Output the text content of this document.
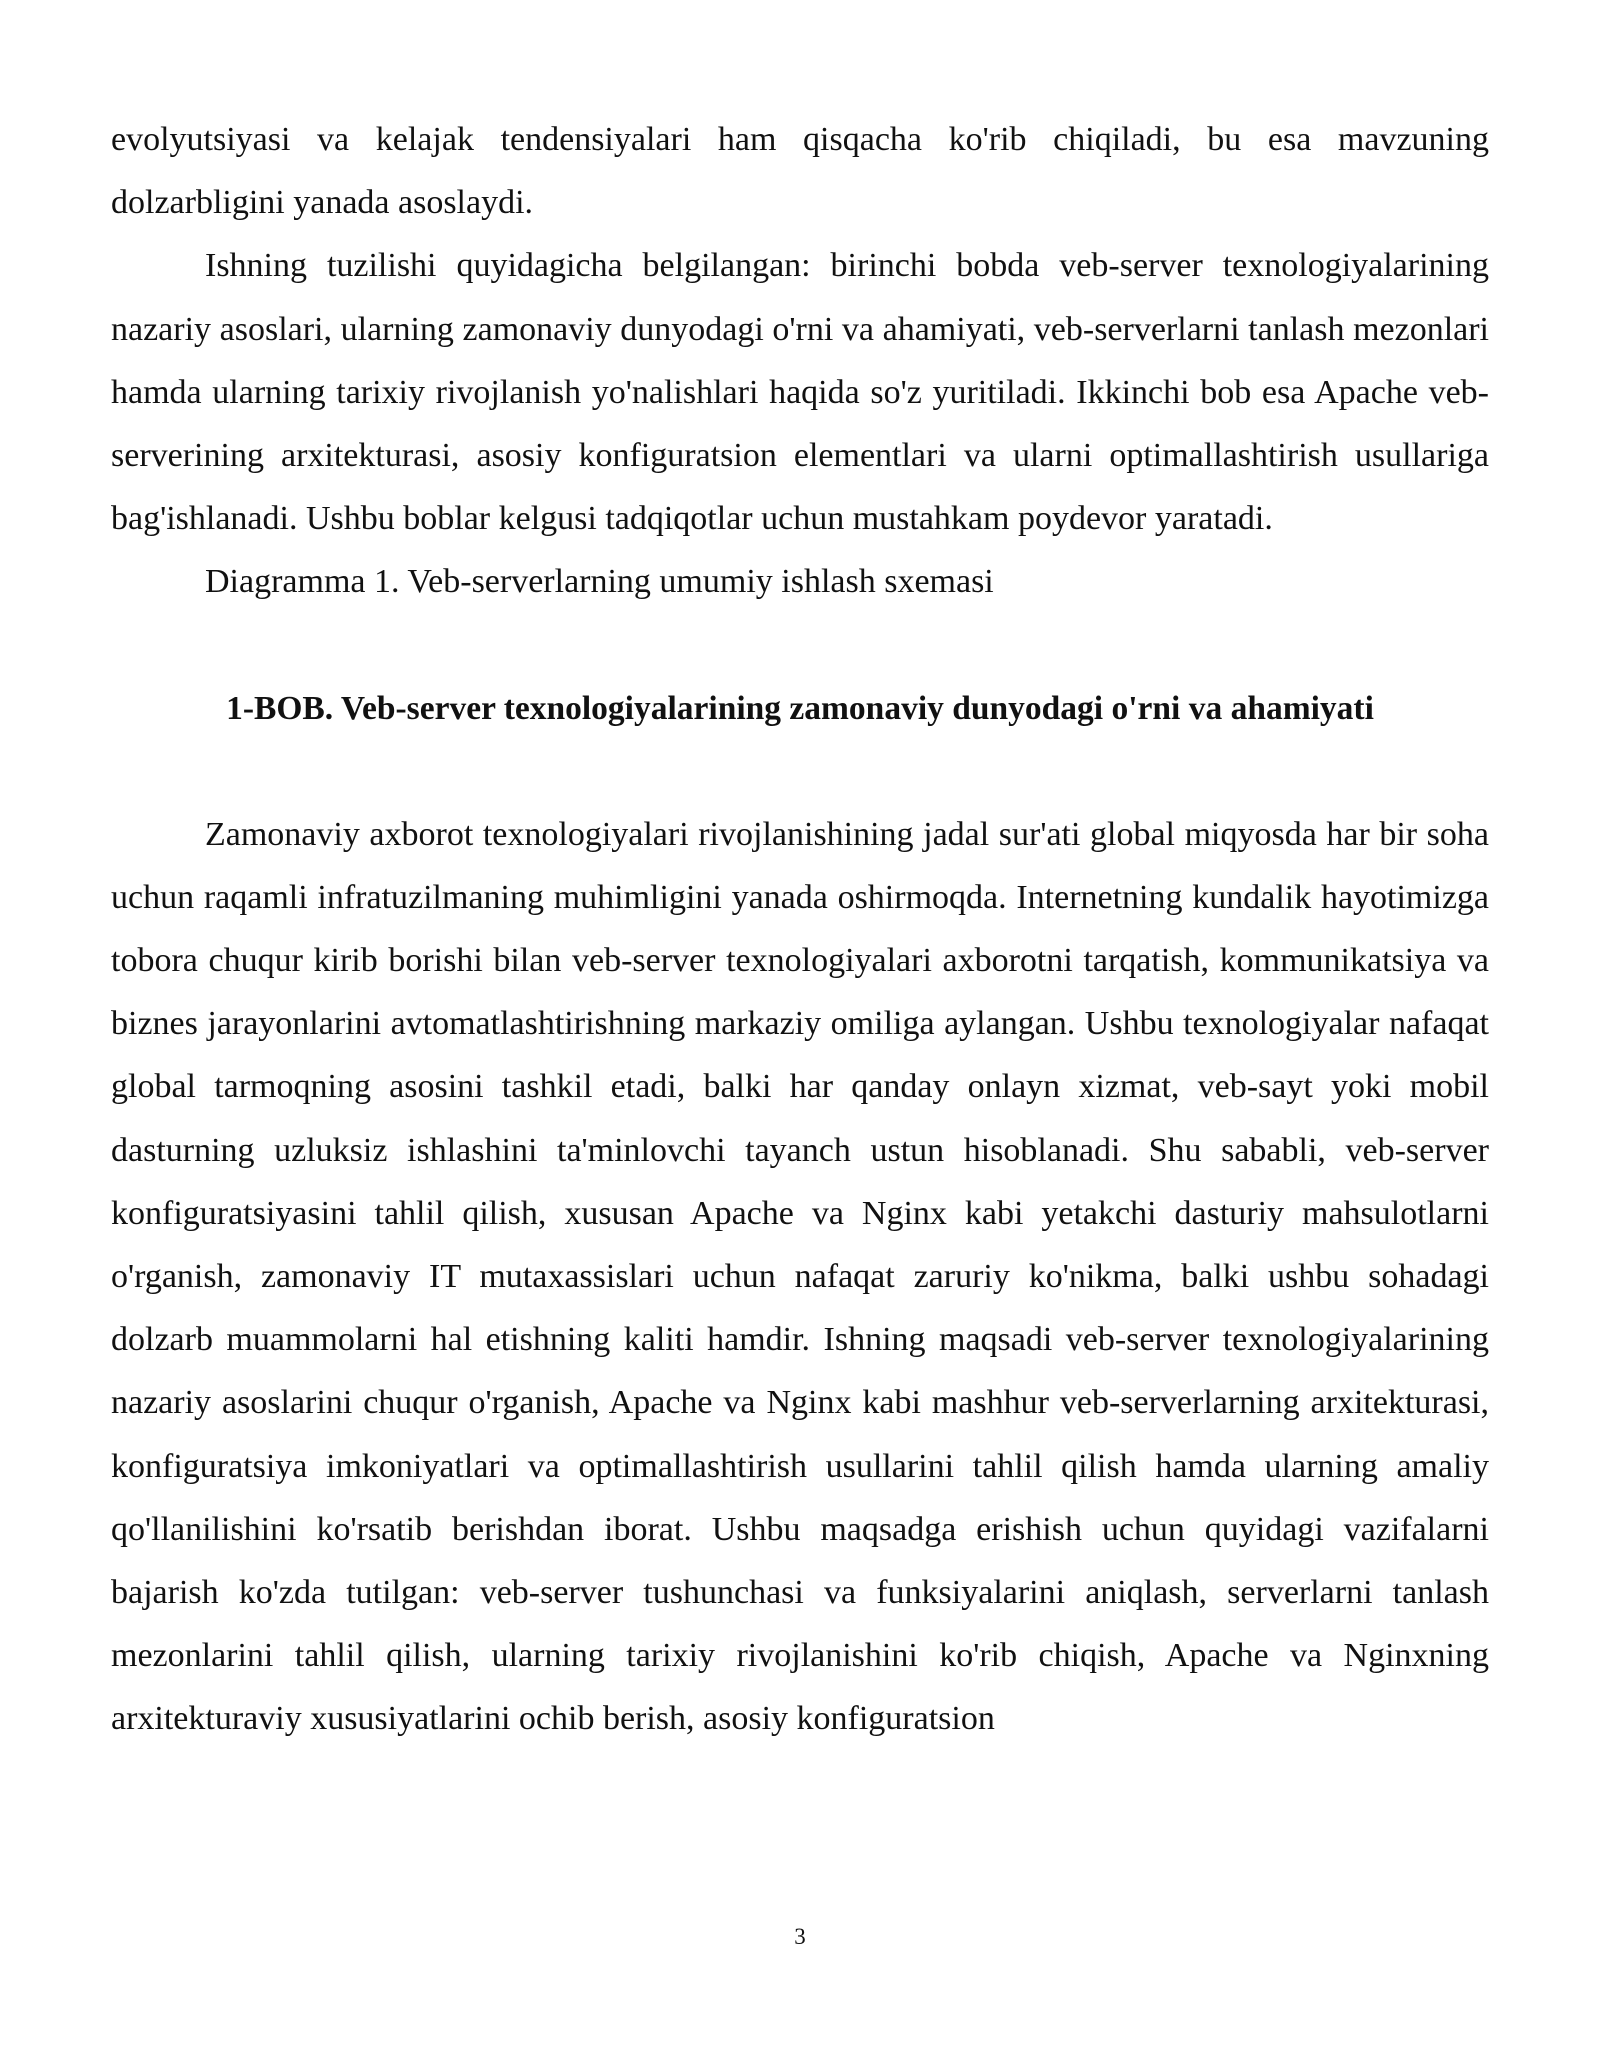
evolyutsiyasi va kelajak tendensiyalari ham qisqacha ko'rib chiqiladi, bu esa mavzuning dolzarbligini yanada asoslaydi.

Ishning tuzilishi quyidagicha belgilangan: birinchi bobda veb-server texnologiyalarining nazariy asoslari, ularning zamonaviy dunyodagi o'rni va ahamiyati, veb-serverlarni tanlash mezonlari hamda ularning tarixiy rivojlanish yo'nalishlari haqida so'z yuritiladi. Ikkinchi bob esa Apache veb-serverining arxitekturasi, asosiy konfiguratsion elementlari va ularni optimallashtirish usullariga bag'ishlanadi. Ushbu boblar kelgusi tadqiqotlar uchun mustahkam poydevor yaratadi.

Diagramma 1. Veb-serverlarning umumiy ishlash sxemasi

1-BOB. Veb-server texnologiyalarining zamonaviy dunyodagi o'rni va ahamiyati

Zamonaviy axborot texnologiyalari rivojlanishining jadal sur'ati global miqyosda har bir soha uchun raqamli infratuzilmaning muhimligini yanada oshirmoqda. Internetning kundalik hayotimizga tobora chuqur kirib borishi bilan veb-server texnologiyalari axborotni tarqatish, kommunikatsiya va biznes jarayonlarini avtomatlashtirishning markaziy omiliga aylangan. Ushbu texnologiyalar nafaqat global tarmoqning asosini tashkil etadi, balki har qanday onlayn xizmat, veb-sayt yoki mobil dasturning uzluksiz ishlashini ta'minlovchi tayanch ustun hisoblanadi. Shu sababli, veb-server konfiguratsiyasini tahlil qilish, xususan Apache va Nginx kabi yetakchi dasturiy mahsulotlarni o'rganish, zamonaviy IT mutaxassislari uchun nafaqat zaruriy ko'nikma, balki ushbu sohadagi dolzarb muammolarni hal etishning kaliti hamdir. Ishning maqsadi veb-server texnologiyalarining nazariy asoslarini chuqur o'rganish, Apache va Nginx kabi mashhur veb-serverlarning arxitekturasi, konfiguratsiya imkoniyatlari va optimallashtirish usullarini tahlil qilish hamda ularning amaliy qo'llanilishini ko'rsatib berishdan iborat. Ushbu maqsadga erishish uchun quyidagi vazifalarni bajarish ko'zda tutilgan: veb-server tushunchasi va funksiyalarini aniqlash, serverlarni tanlash mezonlarini tahlil qilish, ularning tarixiy rivojlanishini ko'rib chiqish, Apache va Nginxning arxitekturaviy xususiyatlarini ochib berish, asosiy konfiguratsion

3
